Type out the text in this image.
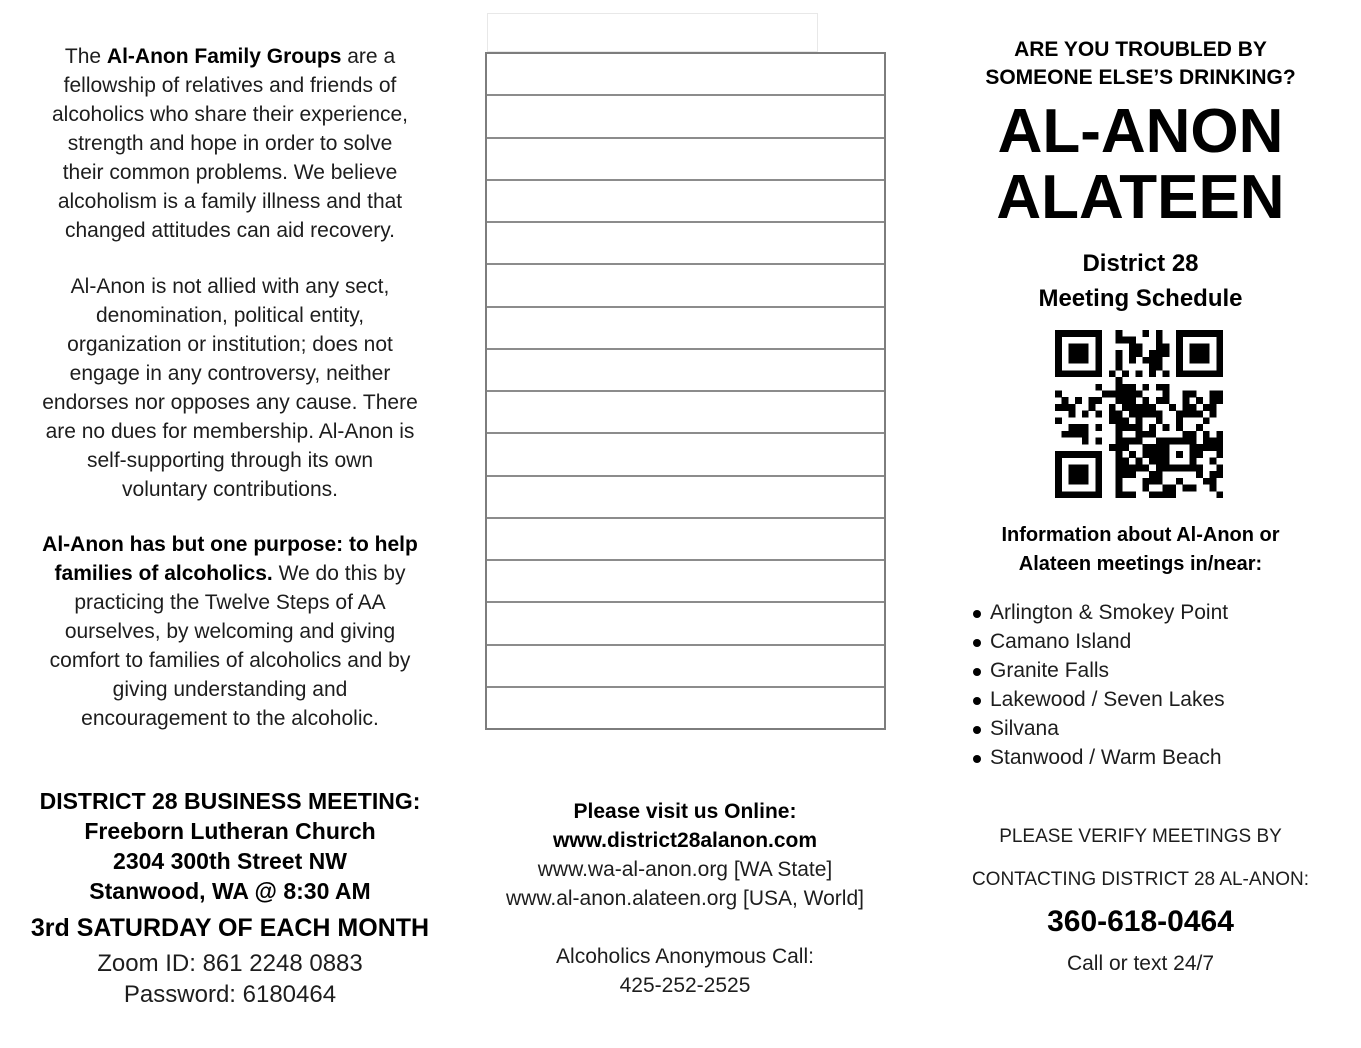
The Al-Anon Family Groups are a
fellowship of relatives and friends of
alcoholics who share their experience,
strength and hope in order to solve
their common problems. We believe
alcoholism is a family illness and that
changed attitudes can aid recovery.
Al-Anon is not allied with any sect,
denomination, political entity,
organization or institution; does not
engage in any controversy, neither
endorses nor opposes any cause. There
are no dues for membership. Al-Anon is
self-supporting through its own
voluntary contributions.
Al-Anon has but one purpose: to help
families of alcoholics. We do this by
practicing the Twelve Steps of AA
ourselves, by welcoming and giving
comfort to families of alcoholics and by
giving understanding and
encouragement to the alcoholic.
DISTRICT 28 BUSINESS MEETING:
Freeborn Lutheran Church
2304 300th Street NW
Stanwood, WA @ 8:30 AM
3rd SATURDAY OF EACH MONTH
Zoom ID: 861 2248 0883
Password: 6180464
Please visit us Online:
www.district28alanon.com
www.wa-al-anon.org [WA State]
www.al-anon.alateen.org [USA, World]
Alcoholics Anonymous Call:
425-252-2525
ARE YOU TROUBLED BY
SOMEONE ELSE’S DRINKING?
AL-ANON
ALATEEN
District 28
Meeting Schedule
Information about Al-Anon or
Alateen meetings in/near:
Arlington & Smokey Point
Camano Island
Granite Falls
Lakewood / Seven Lakes
Silvana
Stanwood / Warm Beach
PLEASE VERIFY MEETINGS BY
CONTACTING DISTRICT 28 AL-ANON:
360-618-0464
Call or text 24/7
